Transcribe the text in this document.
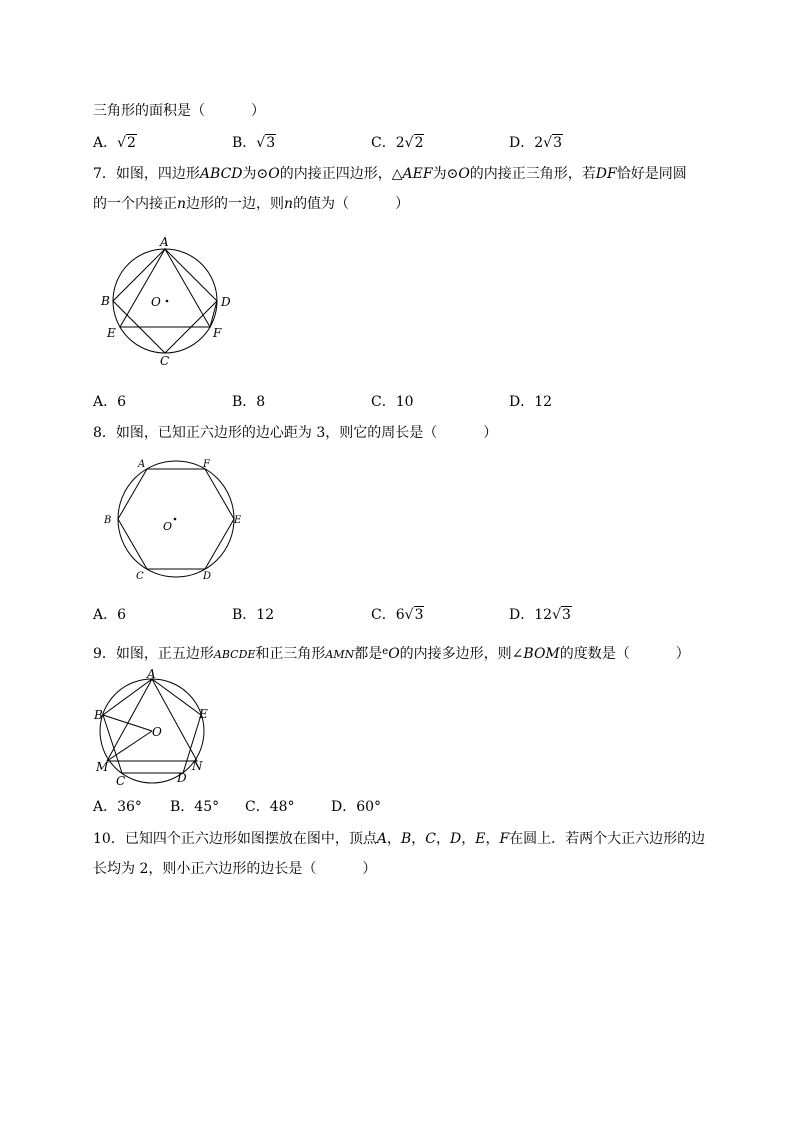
三角形的面积是（	）
A．√2	B．√3	C．2√2	D．2√3
7．如图，四边形ABCD为⊙O的内接正四边形，△AEF为⊙O的内接正三角形，若DF恰好是同圆
的一个内接正n边形的一边，则n的值为（	）
A
B	O	D
E	F
C
A．6	B．8	C．10	D．12
8．如图，已知正六边形的边心距为 3，则它的周长是（	）
A	F
B	O	E
C	D
A．6	B．12	C．6√3	D．12√3
9．如图，正五边形ABCDE和正三角形AMN都是$^e$O的内接多边形，则∠BOM的度数是（	）
A
B	E
O
M	N
C	D
A．36° B．45° C．48°	D．60°
10．已知四个正六边形如图摆放在图中，顶点A，B，C，D，E，F在圆上．若两个大正六边形的边
长均为 2，则小正六边形的边长是（	）
